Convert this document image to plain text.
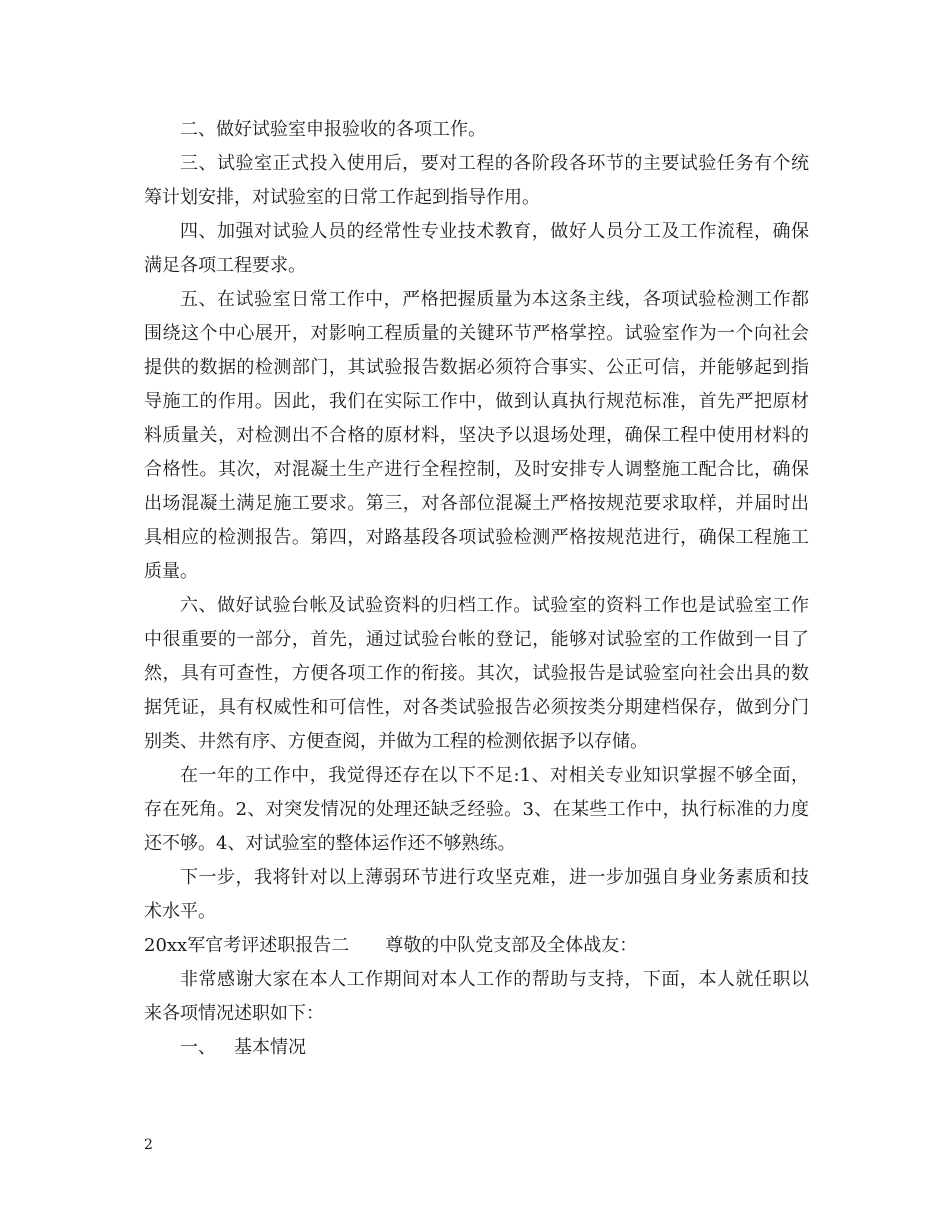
二、做好试验室申报验收的各项工作。

三、试验室正式投入使用后，要对工程的各阶段各环节的主要试验任务有个统筹计划安排，对试验室的日常工作起到指导作用。

四、加强对试验人员的经常性专业技术教育，做好人员分工及工作流程，确保满足各项工程要求。

五、在试验室日常工作中，严格把握质量为本这条主线，各项试验检测工作都围绕这个中心展开，对影响工程质量的关键环节严格掌控。试验室作为一个向社会提供的数据的检测部门，其试验报告数据必须符合事实、公正可信，并能够起到指导施工的作用。因此，我们在实际工作中，做到认真执行规范标准，首先严把原材料质量关，对检测出不合格的原材料，坚决予以退场处理，确保工程中使用材料的合格性。其次，对混凝土生产进行全程控制，及时安排专人调整施工配合比，确保出场混凝土满足施工要求。第三，对各部位混凝土严格按规范要求取样，并届时出具相应的检测报告。第四，对路基段各项试验检测严格按规范进行，确保工程施工质量。

六、做好试验台帐及试验资料的归档工作。试验室的资料工作也是试验室工作中很重要的一部分，首先，通过试验台帐的登记，能够对试验室的工作做到一目了然，具有可查性，方便各项工作的衔接。其次，试验报告是试验室向社会出具的数据凭证，具有权威性和可信性，对各类试验报告必须按类分期建档保存，做到分门别类、井然有序、方便查阅，并做为工程的检测依据予以存储。

在一年的工作中，我觉得还存在以下不足:1、对相关专业知识掌握不够全面，存在死角。2、对突发情况的处理还缺乏经验。3、在某些工作中，执行标准的力度还不够。4、对试验室的整体运作还不够熟练。

下一步，我将针对以上薄弱环节进行攻坚克难，进一步加强自身业务素质和技术水平。

20xx军官考评述职报告二 尊敬的中队党支部及全体战友：

非常感谢大家在本人工作期间对本人工作的帮助与支持，下面，本人就任职以来各项情况述职如下：

一、 基本情况

2
